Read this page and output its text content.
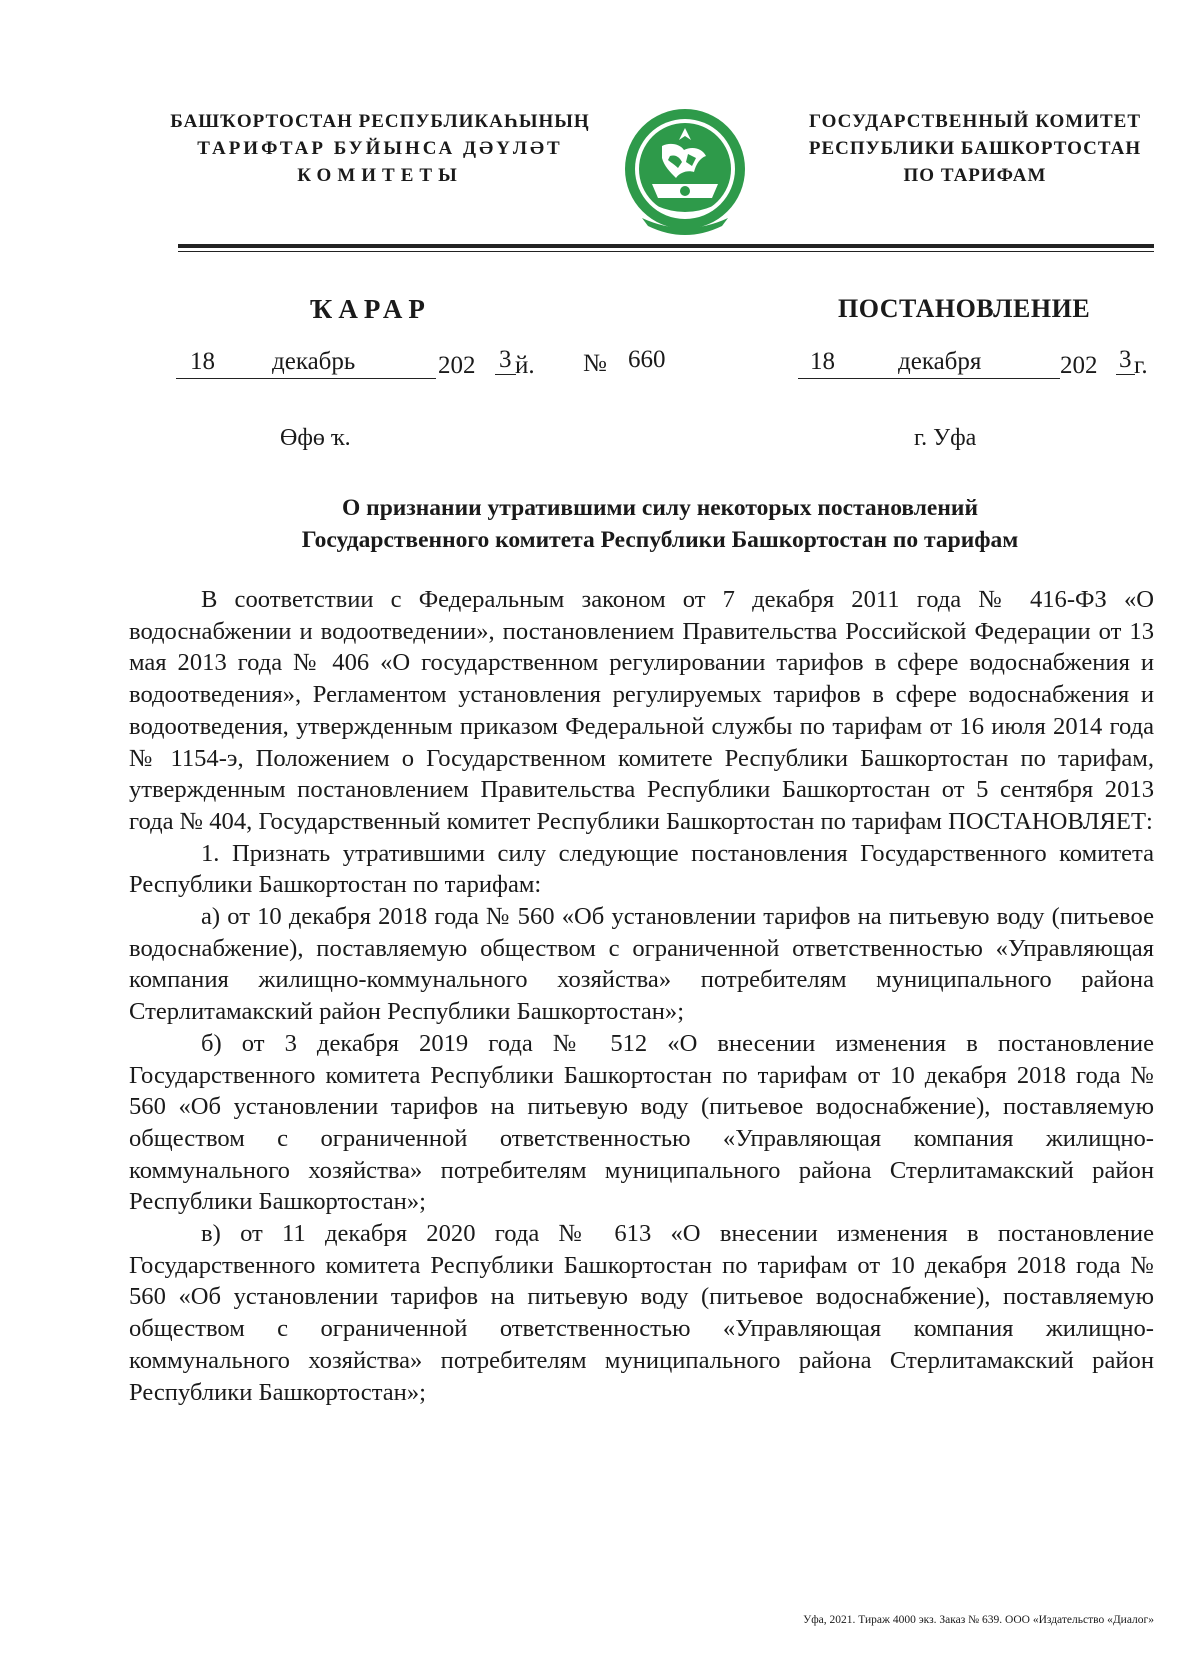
БАШҠОРТОСТАН РЕСПУБЛИКАҺЫНЫҢ
ТАРИФТАР БУЙЫНСА ДӘҮЛӘТ
КОМИТЕТЫ
ГОСУДАРСТВЕННЫЙ КОМИТЕТ
РЕСПУБЛИКИ БАШКОРТОСТАН
ПО ТАРИФАМ
ҠАРАР	ПОСТАНОВЛЕНИЕ
18 декабрь	202 3 й. № 660	18	декабря	202 3 г.
Өфө ҡ.	г. Уфа
О признании утратившими силу некоторых постановлений
Государственного комитета Республики Башкортостан по тарифам

В соответствии с Федеральным законом от 7 декабря 2011 года № 416-ФЗ «О водоснабжении и водоотведении», постановлением Правительства Российской Федерации от 13 мая 2013 года № 406 «О государственном регулировании тарифов в сфере водоснабжения и водоотведения», Регламентом установления регулируемых тарифов в сфере водоснабжения и водоотведения, утвержденным приказом Федеральной службы по тарифам от 16 июля 2014 года № 1154-э, Положением о Государственном комитете Республики Башкортостан по тарифам, утвержденным постановлением Правительства Республики Башкортостан от 5 сентября 2013 года № 404, Государственный комитет Республики Башкортостан по тарифам ПОСТАНОВЛЯЕТ:

1. Признать утратившими силу следующие постановления Государственного комитета Республики Башкортостан по тарифам:

а) от 10 декабря 2018 года № 560 «Об установлении тарифов на питьевую воду (питьевое водоснабжение), поставляемую обществом с ограниченной ответственностью «Управляющая компания жилищно-коммунального хозяйства» потребителям муниципального района Стерлитамакский район Республики Башкортостан»;

б) от 3 декабря 2019 года № 512 «О внесении изменения в постановление Государственного комитета Республики Башкортостан по тарифам от 10 декабря 2018 года № 560 «Об установлении тарифов на питьевую воду (питьевое водоснабжение), поставляемую обществом с ограниченной ответственностью «Управляющая компания жилищно-коммунального хозяйства» потребителям муниципального района Стерлитамакский район Республики Башкортостан»;

в) от 11 декабря 2020 года № 613 «О внесении изменения в постановление Государственного комитета Республики Башкортостан по тарифам от 10 декабря 2018 года № 560 «Об установлении тарифов на питьевую воду (питьевое водоснабжение), поставляемую обществом с ограниченной ответственностью «Управляющая компания жилищно-коммунального хозяйства» потребителям муниципального района Стерлитамакский район Республики Башкортостан»;

Уфа, 2021. Тираж 4000 экз. Заказ № 639. ООО «Издательство «Диалог»
